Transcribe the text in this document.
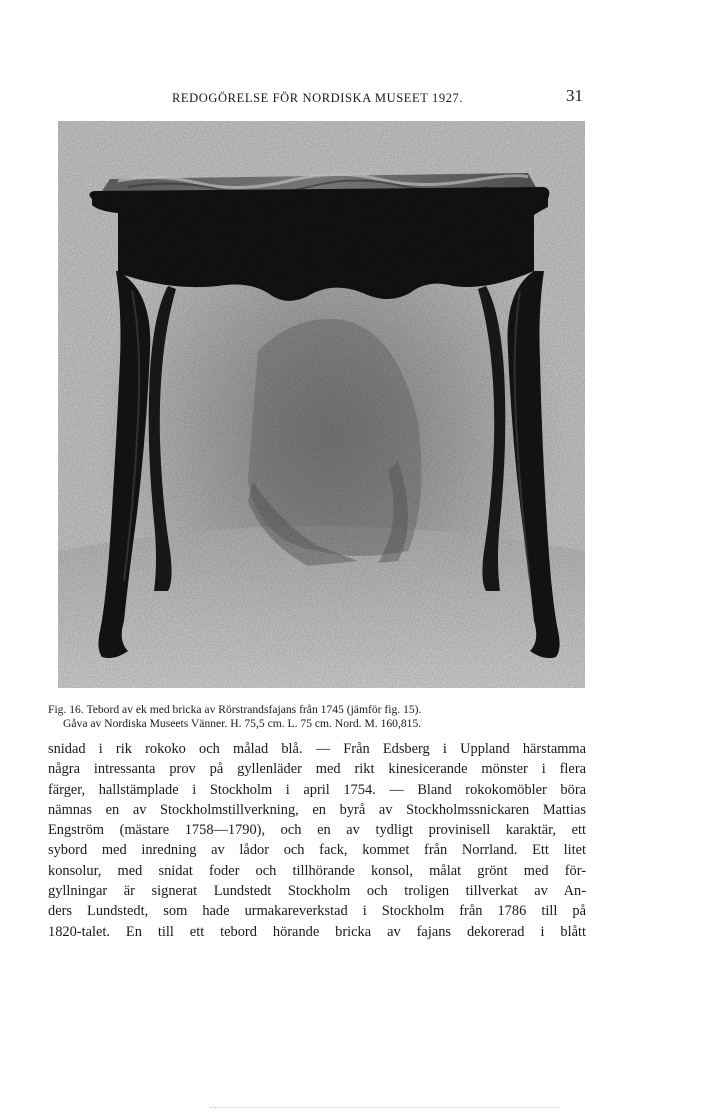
REDOGÖRELSE FÖR NORDISKA MUSEET 1927.	31
Fig. 16. Tebord av ek med bricka av Rörstrandsfajans från 1745 (jämför fig. 15).
Gåva av Nordiska Museets Vänner. H. 75,5 cm. L. 75 cm. Nord. M. 160,815.
snidad i rik rokoko och målad blå. — Från Edsberg i Uppland härstamma
några intressanta prov på gyllenläder med rikt kinesicerande mönster i flera
färger, hallstämplade i Stockholm i april 1754. — Bland rokokomöbler böra
nämnas en av Stockholmstillverkning, en byrå av Stockholmssnickaren Mattias
Engström (mästare 1758—1790), och en av tydligt provinisell karaktär, ett
sybord med inredning av lådor och fack, kommet från Norrland. Ett litet
konsolur, med snidat foder och tillhörande konsol, målat grönt med för-
gyllningar är signerat Lundstedt Stockholm och troligen tillverkat av An-
ders Lundstedt, som hade urmakareverkstad i Stockholm från 1786 till på
1820-talet. En till ett tebord hörande bricka av fajans dekorerad i blått
